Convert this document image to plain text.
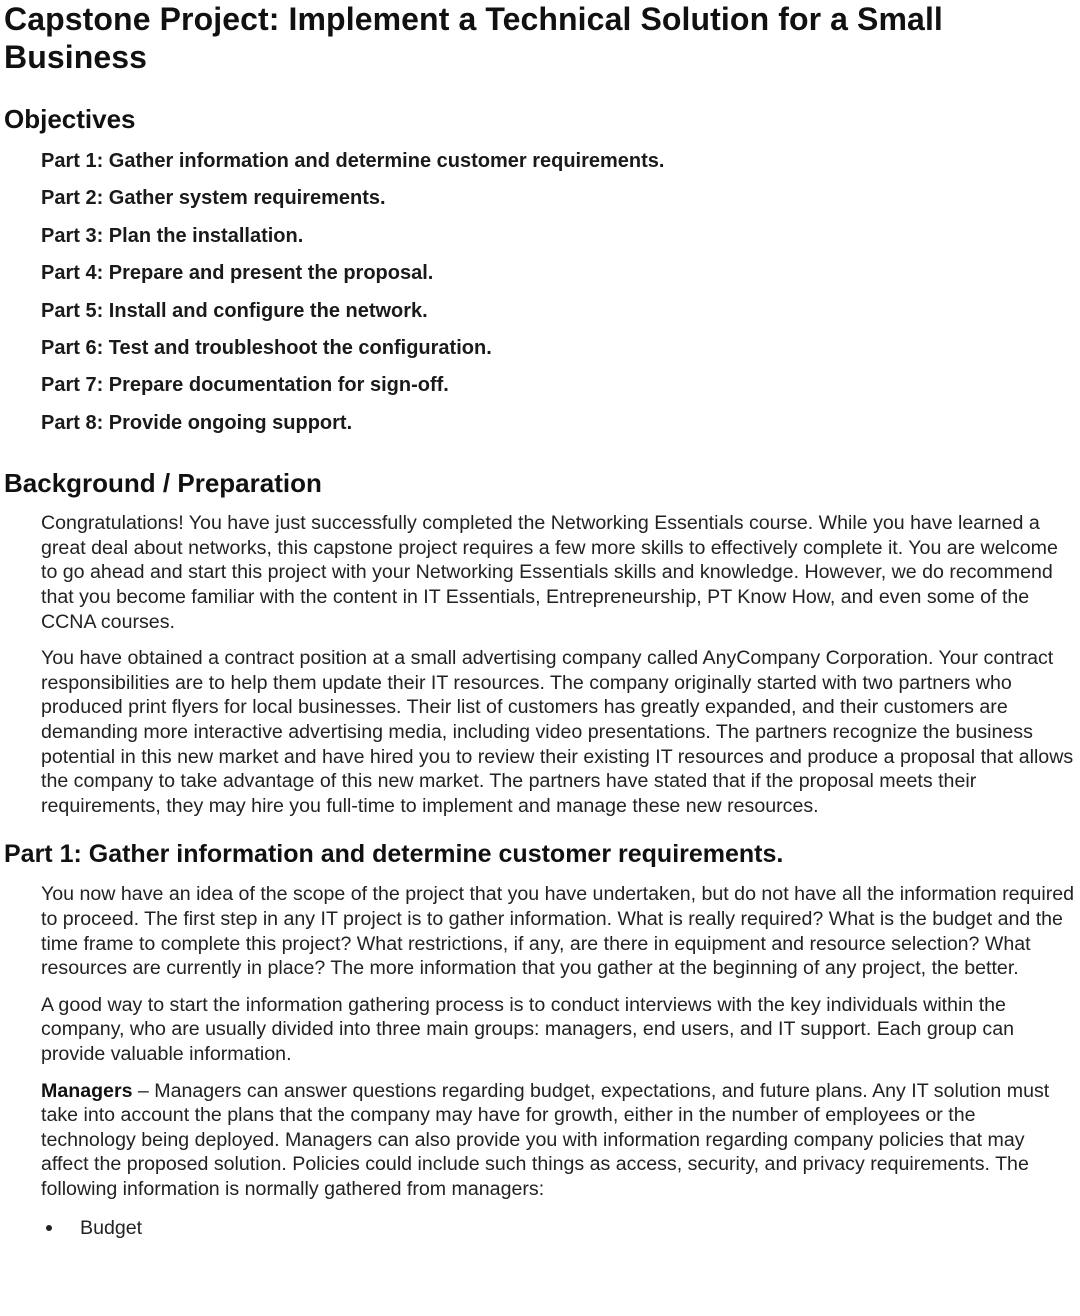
Capstone Project: Implement a Technical Solution for a Small Business
Objectives
Part 1: Gather information and determine customer requirements.
Part 2: Gather system requirements.
Part 3: Plan the installation.
Part 4: Prepare and present the proposal.
Part 5: Install and configure the network.
Part 6: Test and troubleshoot the configuration.
Part 7: Prepare documentation for sign-off.
Part 8: Provide ongoing support.
Background / Preparation

Congratulations! You have just successfully completed the Networking Essentials course. While you have learned a great deal about networks, this capstone project requires a few more skills to effectively complete it. You are welcome to go ahead and start this project with your Networking Essentials skills and knowledge. However, we do recommend that you become familiar with the content in IT Essentials, Entrepreneurship, PT Know How, and even some of the CCNA courses.

You have obtained a contract position at a small advertising company called AnyCompany Corporation. Your contract responsibilities are to help them update their IT resources. The company originally started with two partners who produced print flyers for local businesses. Their list of customers has greatly expanded, and their customers are demanding more interactive advertising media, including video presentations. The partners recognize the business potential in this new market and have hired you to review their existing IT resources and produce a proposal that allows the company to take advantage of this new market. The partners have stated that if the proposal meets their requirements, they may hire you full-time to implement and manage these new resources.

Part 1: Gather information and determine customer requirements.

You now have an idea of the scope of the project that you have undertaken, but do not have all the information required to proceed. The first step in any IT project is to gather information. What is really required? What is the budget and the time frame to complete this project? What restrictions, if any, are there in equipment and resource selection? What resources are currently in place? The more information that you gather at the beginning of any project, the better.

A good way to start the information gathering process is to conduct interviews with the key individuals within the company, who are usually divided into three main groups: managers, end users, and IT support. Each group can provide valuable information.

Managers – Managers can answer questions regarding budget, expectations, and future plans. Any IT solution must take into account the plans that the company may have for growth, either in the number of employees or the technology being deployed. Managers can also provide you with information regarding company policies that may affect the proposed solution. Policies could include such things as access, security, and privacy requirements. The following information is normally gathered from managers:

Budget
